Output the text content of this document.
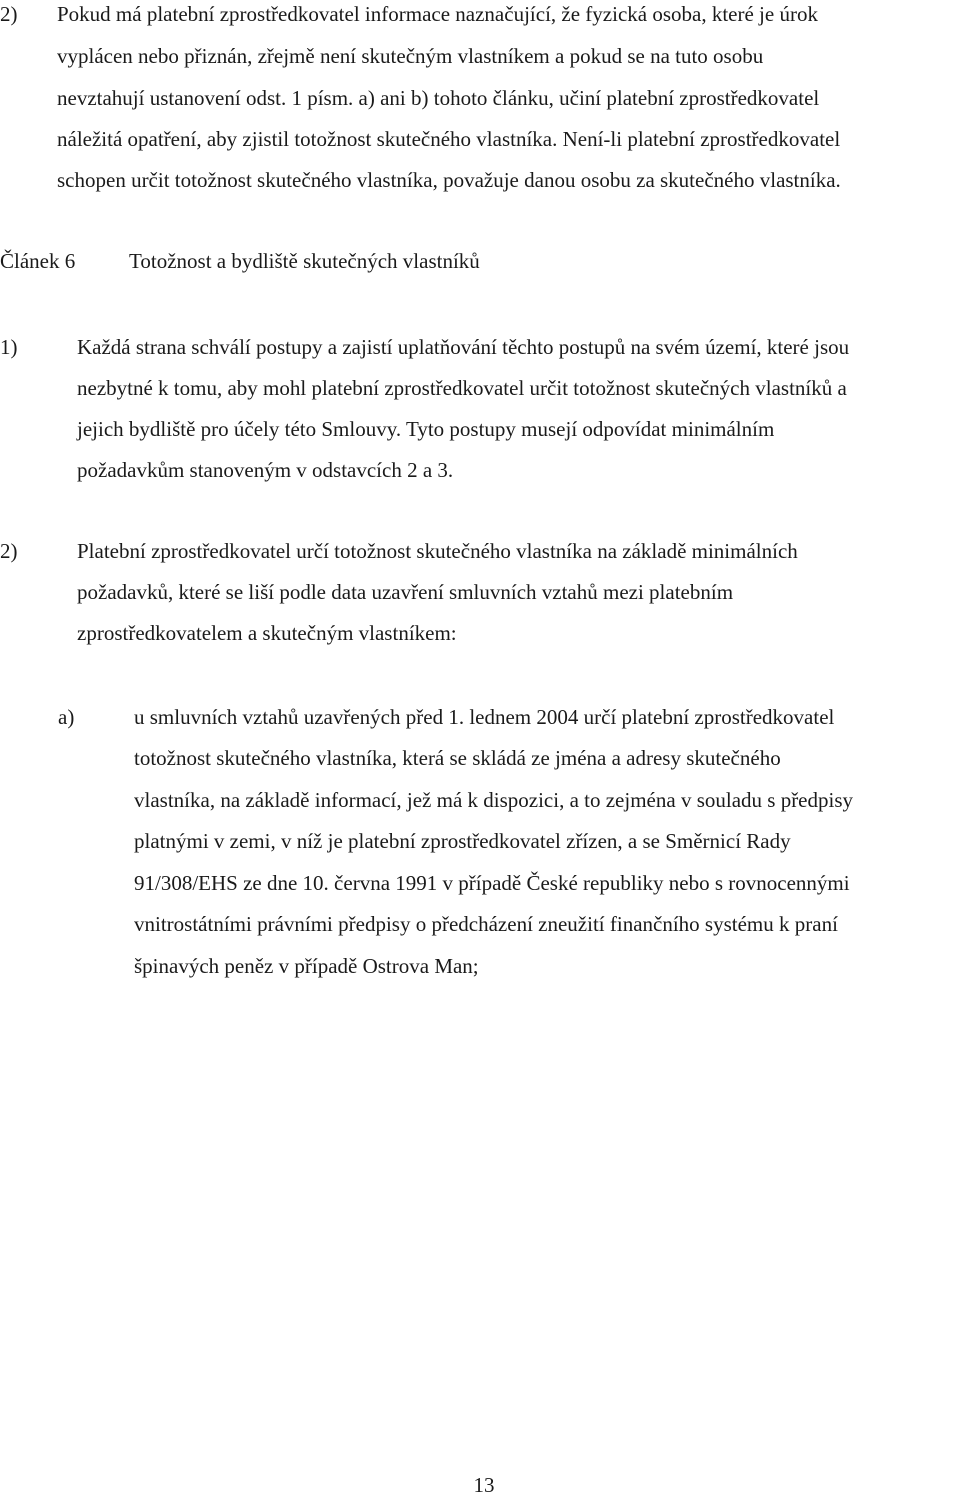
2) Pokud má platební zprostředkovatel informace naznačující, že fyzická osoba, které je úrok
vyplácen nebo přiznán, zřejmě není skutečným vlastníkem a pokud se na tuto osobu
nevztahují ustanovení odst. 1 písm. a) ani b) tohoto článku, učiní platební zprostředkovatel
náležitá opatření, aby zjistil totožnost skutečného vlastníka. Není-li platební zprostředkovatel
schopen určit totožnost skutečného vlastníka, považuje danou osobu za skutečného vlastníka.
Článek 6	Totožnost a bydliště skutečných vlastníků
1)	Každá strana schválí postupy a zajistí uplatňování těchto postupů na svém území, které jsou
nezbytné k tomu, aby mohl platební zprostředkovatel určit totožnost skutečných vlastníků a
jejich bydliště pro účely této Smlouvy. Tyto postupy musejí odpovídat minimálním
požadavkům stanoveným v odstavcích 2 a 3.
2)	Platební zprostředkovatel určí totožnost skutečného vlastníka na základě minimálních
požadavků, které se liší podle data uzavření smluvních vztahů mezi platebním
zprostředkovatelem a skutečným vlastníkem:
a)	u smluvních vztahů uzavřených před 1. lednem 2004 určí platební zprostředkovatel
totožnost skutečného vlastníka, která se skládá ze jména a adresy skutečného
vlastníka, na základě informací, jež má k dispozici, a to zejména v souladu s předpisy
platnými v zemi, v níž je platební zprostředkovatel zřízen, a se Směrnicí Rady
91/308/EHS ze dne 10. června 1991 v případě České republiky nebo s rovnocennými
vnitrostátními právními předpisy o předcházení zneužití finančního systému k praní
špinavých peněz v případě Ostrova Man;
13
